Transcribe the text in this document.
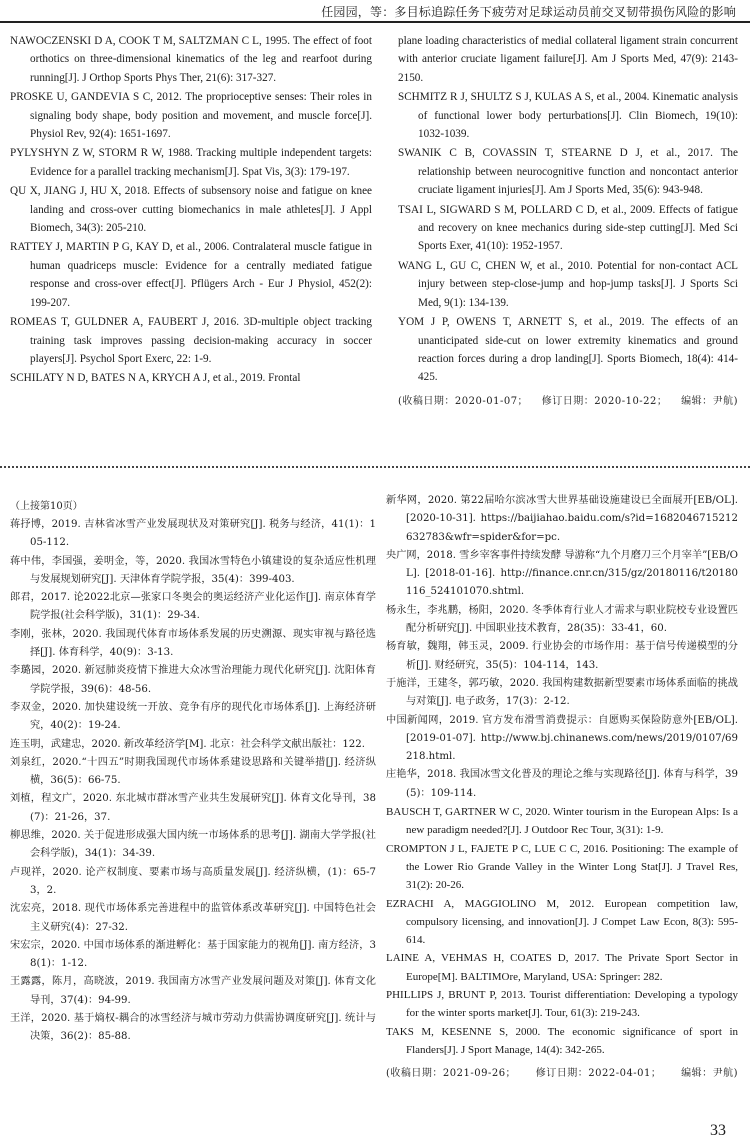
任园园，等：多目标追踪任务下疲劳对足球运动员前交叉韧带损伤风险的影响

NAWOCZENSKI D A, COOK T M, SALTZMAN C L, 1995. The effect of foot orthotics on three-dimensional kinematics of the leg and rearfoot during running[J]. J Orthop Sports Phys Ther, 21(6): 317-327.

PROSKE U, GANDEVIA S C, 2012. The proprioceptive senses: Their roles in signaling body shape, body position and movement, and muscle force[J]. Physiol Rev, 92(4): 1651-1697.

PYLYSHYN Z W, STORM R W, 1988. Tracking multiple independent targets: Evidence for a parallel tracking mechanism[J]. Spat Vis, 3(3): 179-197.

QU X, JIANG J, HU X, 2018. Effects of subsensory noise and fatigue on knee landing and cross-over cutting biomechanics in male athletes[J]. J Appl Biomech, 34(3): 205-210.

RATTEY J, MARTIN P G, KAY D, et al., 2006. Contralateral muscle fatigue in human quadriceps muscle: Evidence for a centrally mediated fatigue response and cross-over effect[J]. Pflügers Arch - Eur J Physiol, 452(2): 199-207.

ROMEAS T, GULDNER A, FAUBERT J, 2016. 3D-multiple object tracking training task improves passing decision-making accuracy in soccer players[J]. Psychol Sport Exerc, 22: 1-9.

SCHILATY N D, BATES N A, KRYCH A J, et al., 2019. Frontal

plane loading characteristics of medial collateral ligament strain concurrent with anterior cruciate ligament failure[J]. Am J Sports Med, 47(9): 2143-2150.

SCHMITZ R J, SHULTZ S J, KULAS A S, et al., 2004. Kinematic analysis of functional lower body perturbations[J]. Clin Biomech, 19(10): 1032-1039.

SWANIK C B, COVASSIN T, STEARNE D J, et al., 2017. The relationship between neurocognitive function and noncontact anterior cruciate ligament injuries[J]. Am J Sports Med, 35(6): 943-948.

TSAI L, SIGWARD S M, POLLARD C D, et al., 2009. Effects of fatigue and recovery on knee mechanics during side-step cutting[J]. Med Sci Sports Exer, 41(10): 1952-1957.

WANG L, GU C, CHEN W, et al., 2010. Potential for non-contact ACL injury between step-close-jump and hop-jump tasks[J]. J Sports Sci Med, 9(1): 134-139.

YOM J P, OWENS T, ARNETT S, et al., 2019. The effects of an unanticipated side-cut on lower extremity kinematics and ground reaction forces during a drop landing[J]. Sports Biomech, 18(4): 414-425.

(收稿日期：2020-01-07； 修订日期：2020-10-22； 编辑：尹航)

（上接第10页）

蒋抒博，2019. 吉林省冰雪产业发展现状及对策研究[J]. 税务与经济，41(1)：105-112.

蒋中伟，李国强，姜明金，等，2020. 我国冰雪特色小镇建设的复杂适应性机理与发展规划研究[J]. 天津体育学院学报，35(4)：399-403.

郎君，2017. 论2022北京—张家口冬奥会的奥运经济产业化运作[J]. 南京体育学院学报(社会科学版)，31(1)：29-34.

李刚，张林，2020. 我国现代体育市场体系发展的历史溯源、现实审视与路径选择[J]. 体育科学，40(9)：3-13.

李璐园，2020. 新冠肺炎疫情下推进大众冰雪治理能力现代化研究[J]. 沈阳体育学院学报，39(6)：48-56.

李双金，2020. 加快建设统一开放、竞争有序的现代化市场体系[J]. 上海经济研究，40(2)：19-24.

连玉明，武建忠，2020. 新改革经济学[M]. 北京：社会科学文献出版社：122.

刘泉红，2020.“十四五”时期我国现代市场体系建设思路和关键举措[J]. 经济纵横，36(5)：66-75.

刘植，程文广，2020. 东北城市群冰雪产业共生发展研究[J]. 体育文化导刊，38(7)：21-26，37.

柳思维，2020. 关于促进形成强大国内统一市场体系的思考[J]. 湖南大学学报(社会科学版)，34(1)：34-39.

卢现祥，2020. 论产权制度、要素市场与高质量发展[J]. 经济纵横，(1)：65-73，2.

沈宏亮，2018. 现代市场体系完善进程中的监管体系改革研究[J]. 中国特色社会主义研究(4)：27-32.

宋宏宗，2020. 中国市场体系的渐进孵化：基于国家能力的视角[J]. 南方经济，38(1)：1-12.

王露露，陈月，高晓波，2019. 我国南方冰雪产业发展问题及对策[J]. 体育文化导刊，37(4)：94-99.

王洋，2020. 基于熵权-耦合的冰雪经济与城市劳动力供需协调度研究[J]. 统计与决策，36(2)：85-88.

新华网，2020. 第22届哈尔滨冰雪大世界基础设施建设已全面展开[EB/OL]. [2020-10-31]. https://baijiahao.baidu.com/s?id=1682046715212632783&wfr=spider&for=pc.

央广网，2018. 雪乡宰客事件持续发酵 导游称“九个月磨刀三个月宰羊”[EB/OL]. [2018-01-16]. http://finance.cnr.cn/315/gz/20180116/t20180116_524101070.shtml.

杨永生，李兆鹏，杨阳，2020. 冬季体育行业人才需求与职业院校专业设置匹配分析研究[J]. 中国职业技术教育，28(35)：33-41，60.

杨育敏，魏翔，韩玉灵，2009. 行业协会的市场作用：基于信号传递模型的分析[J]. 财经研究，35(5)：104-114，143.

于施洋，王建冬，郭巧敏，2020. 我国构建数据新型要素市场体系面临的挑战与对策[J]. 电子政务，17(3)：2-12.

中国新闻网，2019. 官方发布滑雪消费提示：自愿购买保险防意外[EB/OL]. [2019-01-07]. http://www.bj.chinanews.com/news/2019/0107/69218.html.

庄艳华，2018. 我国冰雪文化普及的理论之维与实现路径[J]. 体育与科学，39(5)：109-114.

BAUSCH T, GARTNER W C, 2020. Winter tourism in the European Alps: Is a new paradigm needed?[J]. J Outdoor Rec Tour, 3(31): 1-9.

CROMPTON J L, FAJETE P C, LUE C C, 2016. Positioning: The example of the Lower Rio Grande Valley in the Winter Long Stat[J]. J Travel Res, 31(2): 20-26.

EZRACHI A, MAGGIOLINO M, 2012. European competition law, compulsory licensing, and innovation[J]. J Compet Law Econ, 8(3): 595-614.

LAINE A, VEHMAS H, COATES D, 2017. The Private Sport Sector in Europe[M]. BALTIMOre, Maryland, USA: Springer: 282.

PHILLIPS J, BRUNT P, 2013. Tourist differentiation: Developing a typology for the winter sports market[J]. Tour, 61(3): 219-243.

TAKS M, KESENNE S, 2000. The economic significance of sport in Flanders[J]. J Sport Manage, 14(4): 342-265.

(收稿日期：2021-09-26； 修订日期：2022-04-01； 编辑：尹航)
33
